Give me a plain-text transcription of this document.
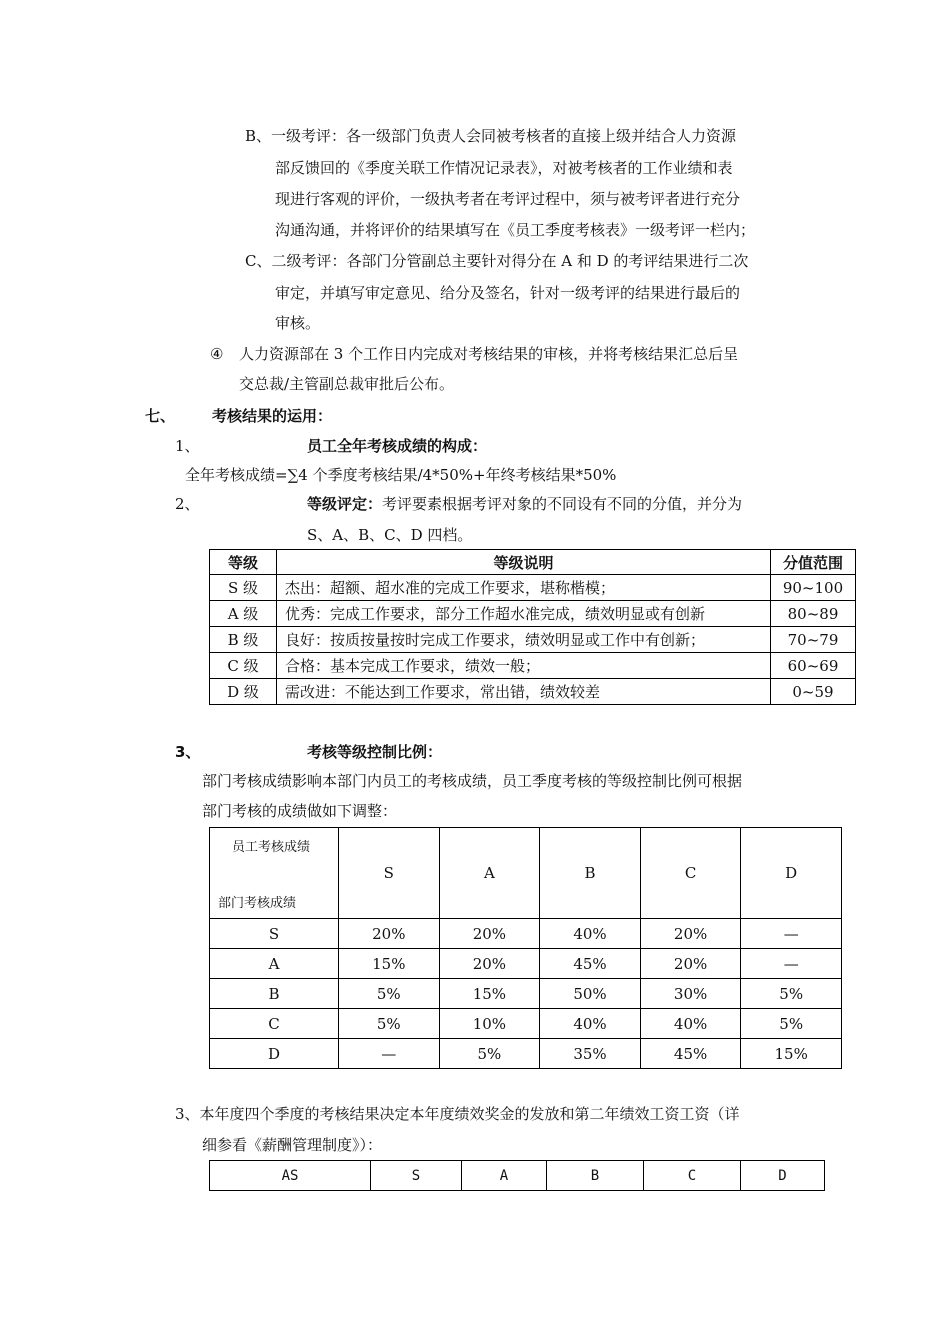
B、一级考评：各一级部门负责人会同被考核者的直接上级并结合人力资源
部反馈回的《季度关联工作情况记录表》，对被考核者的工作业绩和表
现进行客观的评价，一级执考者在考评过程中，须与被考评者进行充分
沟通沟通，并将评价的结果填写在《员工季度考核表》一级考评一栏内；
C、二级考评：各部门分管副总主要针对得分在 A 和 D 的考评结果进行二次
审定，并填写审定意见、给分及签名，针对一级考评的结果进行最后的
审核。
④ 人力资源部在 3 个工作日内完成对考核结果的审核，并将考核结果汇总后呈
交总裁/主管副总裁审批后公布。
七、 考核结果的运用：
1、	员工全年考核成绩的构成：
全年考核成绩=∑4 个季度考核结果/4*50%+年终考核结果*50%
2、	等级评定：考评要素根据考评对象的不同设有不同的分值，并分为
S、A、B、C、D 四档。
等级	等级说明	分值范围
S 级	杰出：超额、超水准的完成工作要求，堪称楷模；	90~100
A 级	优秀：完成工作要求，部分工作超水准完成，绩效明显或有创新	80~89
B 级	良好：按质按量按时完成工作要求，绩效明显或工作中有创新；	70~79
C 级	合格：基本完成工作要求，绩效一般；	60~69
D 级	需改进：不能达到工作要求，常出错，绩效较差	0~59
3、	考核等级控制比例：
部门考核成绩影响本部门内员工的考核成绩，员工季度考核的等级控制比例可根据
部门考核的成绩做如下调整：
员工考核成绩
部门考核成绩	S	A	B	C	D
S	20%	20%	40%	20%	—
A	15%	20%	45%	20%	—
B	5%	15%	50%	30%	5%
C	5%	10%	40%	40%	5%
D	—	5%	35%	45%	15%
3、本年度四个季度的考核结果决定本年度绩效奖金的发放和第二年绩效工资工资（详
细参看《薪酬管理制度》）：
AS	S	A	B	C	D
